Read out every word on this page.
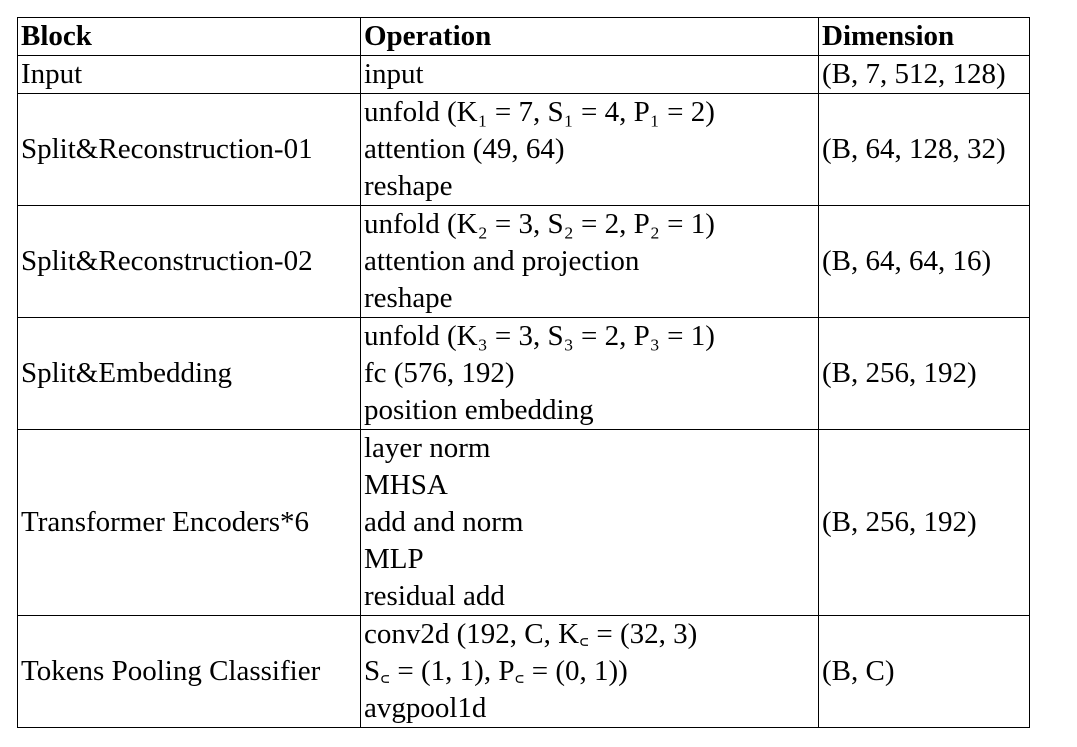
Block	Operation	Dimension
Input	input	(B, 7, 512, 128)
Split&Reconstruction-01	unfold (K₁ = 7, S₁ = 4, P₁ = 2)
attention (49, 64)
reshape	(B, 64, 128, 32)
Split&Reconstruction-02	unfold (K₂ = 3, S₂ = 2, P₂ = 1)
attention and projection
reshape	(B, 64, 64, 16)
Split&Embedding	unfold (K₃ = 3, S₃ = 2, P₃ = 1)
fc (576, 192)
position embedding	(B, 256, 192)
Transformer Encoders*6	layer norm
MHSA
add and norm
MLP
residual add	(B, 256, 192)
Tokens Pooling Classifier	conv2d (192, C, K꜀ = (32, 3)
S꜀ = (1, 1), P꜀ = (0, 1))
avgpool1d	(B, C)
